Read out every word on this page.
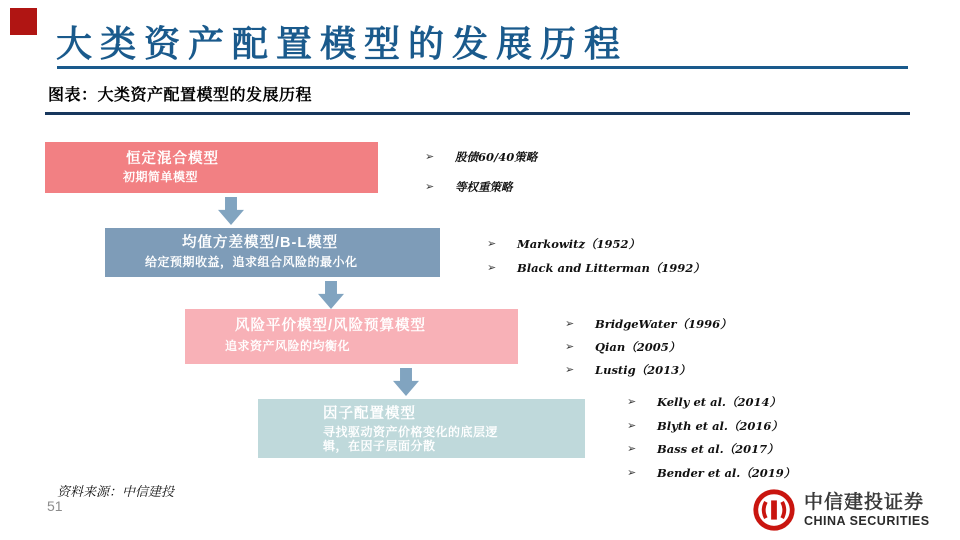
大类资产配置模型的发展历程
图表：大类资产配置模型的发展历程
恒定混合模型
初期简单模型
均值方差模型/B-L模型
给定预期收益，追求组合风险的最小化
风险平价模型/风险预算模型
追求资产风险的均衡化
因子配置模型
寻找驱动资产价格变化的底层逻辑，在因子层面分散
➢	股债60/40策略
➢	等权重策略
➢	Markowitz（1952）
➢	Black and Litterman（1992）
➢	BridgeWater（1996）
➢	Qian（2005）
➢	Lustig（2013）
➢	Kelly et al.（2014）
➢	Blyth et al.（2016）
➢	Bass et al.（2017）
➢	Bender et al.（2019）
资料来源：中信建投
51	中信建投证券
CHINA SECURITIES
